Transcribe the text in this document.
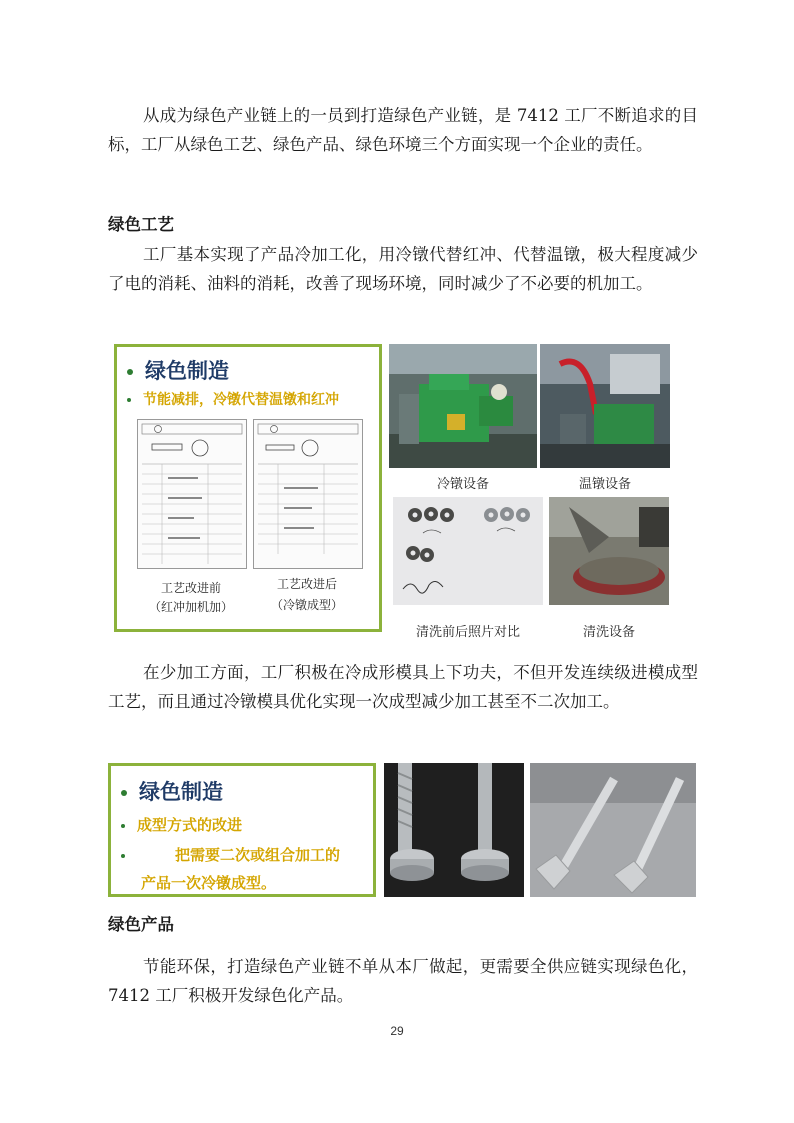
从成为绿色产业链上的一员到打造绿色产业链，是 7412 工厂不断追求的目标，工厂从绿色工艺、绿色产品、绿色环境三个方面实现一个企业的责任。

绿色工艺

工厂基本实现了产品冷加工化，用冷镦代替红冲、代替温镦，极大程度减少了电的消耗、油料的消耗，改善了现场环境，同时减少了不必要的机加工。

绿色制造
节能减排，冷镦代替温镦和红冲
工艺改进前
（红冲加机加）
工艺改进后
（冷镦成型）
冷镦设备	温镦设备
清洗前后照片对比	清洗设备

在少加工方面，工厂积极在冷成形模具上下功夫，不但开发连续级进模成型工艺，而且通过冷镦模具优化实现一次成型减少加工甚至不二次加工。

绿色制造
成型方式的改进
把需要二次或组合加工的
产品一次冷镦成型。

绿色产品

节能环保，打造绿色产业链不单从本厂做起，更需要全供应链实现绿色化，7412 工厂积极开发绿色化产品。

29
